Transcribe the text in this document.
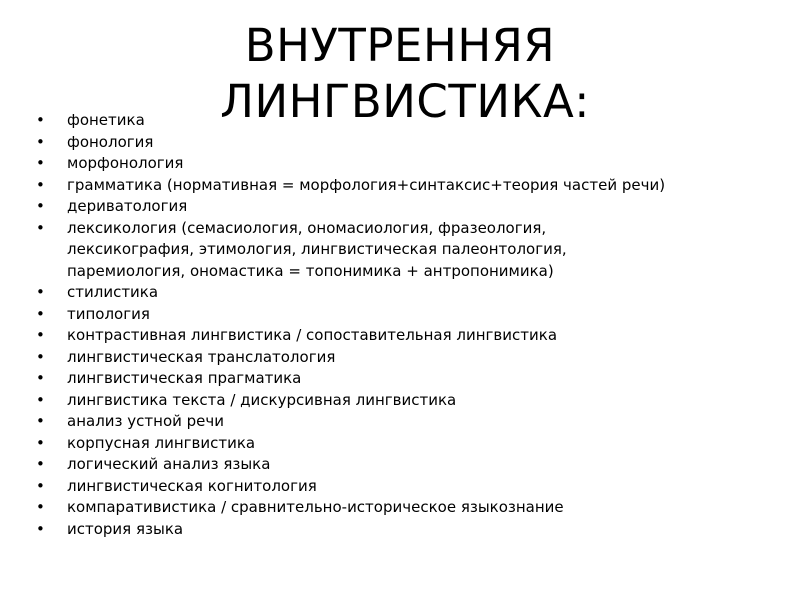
ВНУТРЕННЯЯ
ЛИНГВИСТИКА:
• фонетика
• фонология
• морфонология
• грамматика (нормативная = морфология+синтаксис+теория частей речи)
• дериватология
• лексикология (семасиология, ономасиология, фразеология,
лексикография, этимология, лингвистическая палеонтология,
паремиология, ономастика = топонимика + антропонимика)
• стилистика
• типология
• контрастивная лингвистика / сопоставительная лингвистика
• лингвистическая транслатология
• лингвистическая прагматика
• лингвистика текста / дискурсивная лингвистика
• анализ устной речи
• корпусная лингвистика
• логический анализ языка
• лингвистическая когнитология
• компаративистика / сравнительно-историческое языкознание
• история языка
